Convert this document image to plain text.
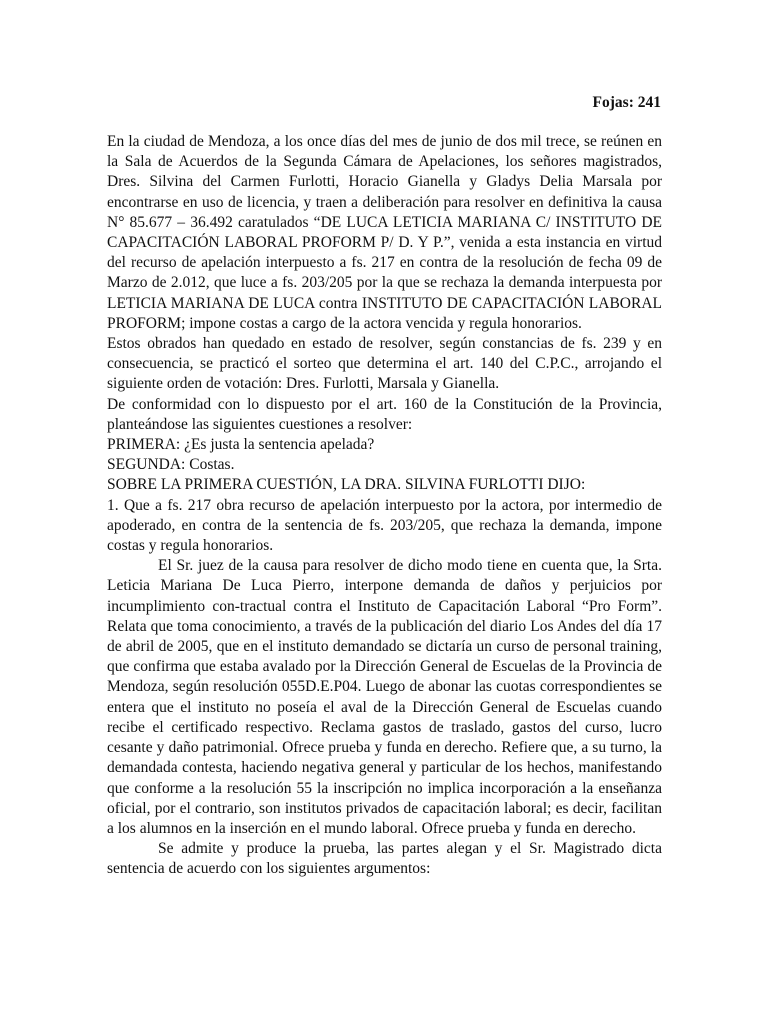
Fojas: 241

En la ciudad de Mendoza, a los once días del mes de junio de dos mil trece, se reúnen en la Sala de Acuerdos de la Segunda Cámara de Apelaciones, los señores magistrados, Dres. Silvina del Carmen Furlotti, Horacio Gianella y Gladys Delia Marsala por encontrarse en uso de licencia, y traen a deliberación para resolver en definitiva la causa N° 85.677 – 36.492 caratulados “DE LUCA LETICIA MARIANA C/ INSTITUTO DE CAPACITACIÓN LABORAL PROFORM P/ D. Y P.”, venida a esta instancia en virtud del recurso de apelación interpuesto a fs. 217 en contra de la resolución de fecha 09 de Marzo de 2.012, que luce a fs. 203/205 por la que se rechaza la demanda interpuesta por LETICIA MARIANA DE LUCA contra INSTITUTO DE CAPACITACIÓN LABORAL PROFORM; impone costas a cargo de la actora vencida y regula honorarios.

Estos obrados han quedado en estado de resolver, según constancias de fs. 239 y en consecuencia, se practicó el sorteo que determina el art. 140 del C.P.C., arrojando el siguiente orden de votación: Dres. Furlotti, Marsala y Gianella.

De conformidad con lo dispuesto por el art. 160 de la Constitución de la Provincia, planteándose las siguientes cuestiones a resolver:

PRIMERA: ¿Es justa la sentencia apelada?

SEGUNDA: Costas.

SOBRE LA PRIMERA CUESTIÓN, LA DRA. SILVINA FURLOTTI DIJO:

1. Que a fs. 217 obra recurso de apelación interpuesto por la actora, por intermedio de apoderado, en contra de la sentencia de fs. 203/205, que rechaza la demanda, impone costas y regula honorarios.

El Sr. juez de la causa para resolver de dicho modo tiene en cuenta que, la Srta. Leticia Mariana De Luca Pierro, interpone demanda de daños y perjuicios por incumplimiento con-tractual contra el Instituto de Capacitación Laboral “Pro Form”. Relata que toma conocimiento, a través de la publicación del diario Los Andes del día 17 de abril de 2005, que en el instituto demandado se dictaría un curso de personal training, que confirma que estaba avalado por la Dirección General de Escuelas de la Provincia de Mendoza, según resolución 055D.E.P04. Luego de abonar las cuotas correspondientes se entera que el instituto no poseía el aval de la Dirección General de Escuelas cuando recibe el certificado respectivo. Reclama gastos de traslado, gastos del curso, lucro cesante y daño patrimonial. Ofrece prueba y funda en derecho. Refiere que, a su turno, la demandada contesta, haciendo negativa general y particular de los hechos, manifestando que conforme a la resolución 55 la inscripción no implica incorporación a la enseñanza oficial, por el contrario, son institutos privados de capacitación laboral; es decir, facilitan a los alumnos en la inserción en el mundo laboral. Ofrece prueba y funda en derecho.

Se admite y produce la prueba, las partes alegan y el Sr. Magistrado dicta sentencia de acuerdo con los siguientes argumentos:
